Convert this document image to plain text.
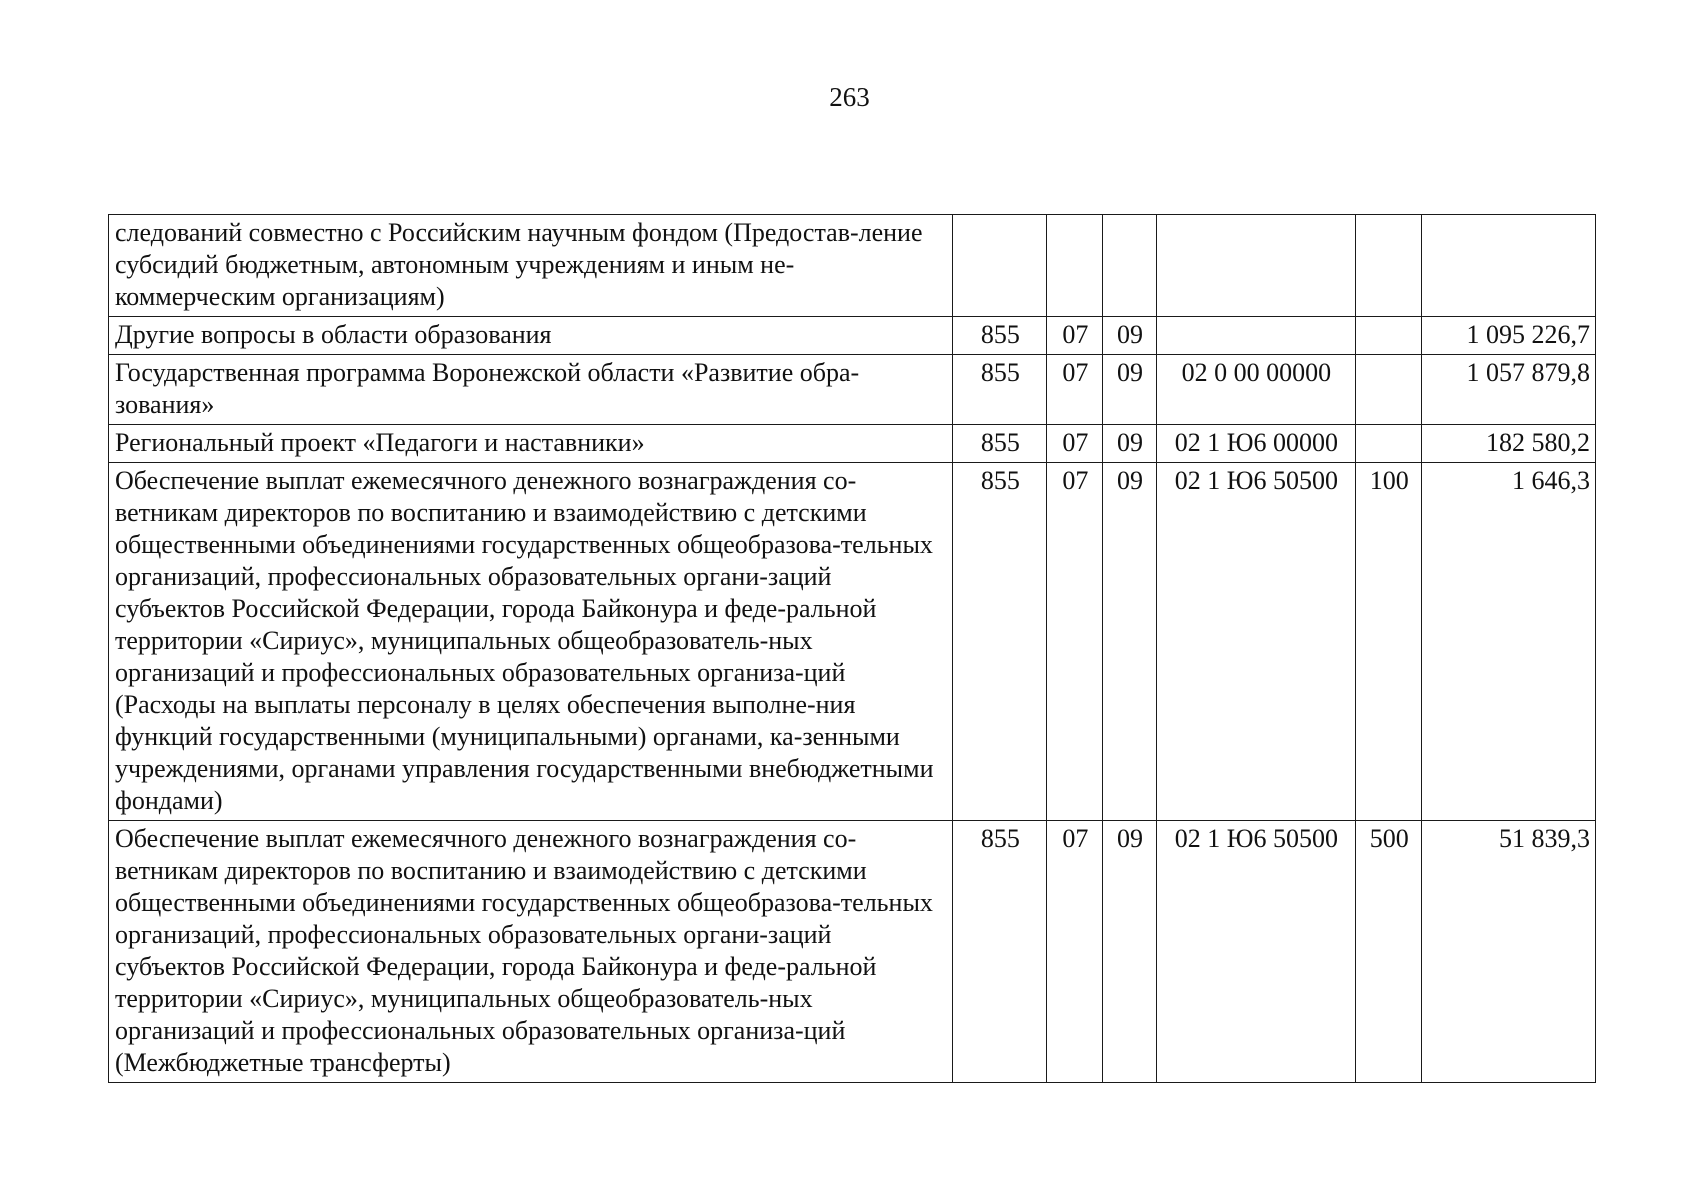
263
следований совместно с Российским научным фондом (Предостав-ление субсидий бюджетным, автономным учреждениям и иным не-коммерческим организациям)						
Другие вопросы в области образования	855	07	09			1 095 226,7
Государственная программа Воронежской области «Развитие обра-зования»	855	07	09	02 0 00 00000		1 057 879,8
Региональный проект «Педагоги и наставники»	855	07	09	02 1 Ю6 00000		182 580,2
Обеспечение выплат ежемесячного денежного вознаграждения со-ветникам директоров по воспитанию и взаимодействию с детскими общественными объединениями государственных общеобразова-тельных организаций, профессиональных образовательных органи-заций субъектов Российской Федерации, города Байконура и феде-ральной территории «Сириус», муниципальных общеобразователь-ных организаций и профессиональных образовательных организа-ций (Расходы на выплаты персоналу в целях обеспечения выполне-ния функций государственными (муниципальными) органами, ка-зенными учреждениями, органами управления государственными внебюджетными фондами)	855	07	09	02 1 Ю6 50500	100	1 646,3
Обеспечение выплат ежемесячного денежного вознаграждения со-ветникам директоров по воспитанию и взаимодействию с детскими общественными объединениями государственных общеобразова-тельных организаций, профессиональных образовательных органи-заций субъектов Российской Федерации, города Байконура и феде-ральной территории «Сириус», муниципальных общеобразователь-ных организаций и профессиональных образовательных организа-ций (Межбюджетные трансферты)	855	07	09	02 1 Ю6 50500	500	51 839,3
